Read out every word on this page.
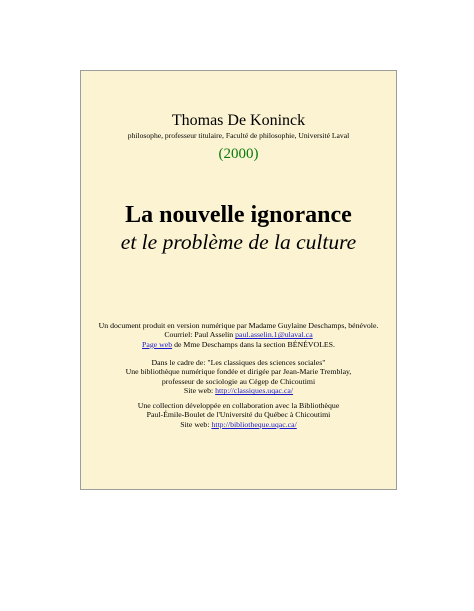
Thomas De Koninck
philosophe, professeur titulaire, Faculté de philosophie, Université Laval
(2000)
La nouvelle ignorance
et le problème de la culture
Un document produit en version numérique par Madame Guylaine Deschamps, bénévole.
Courriel: Paul Asselin paul.asselin.1@ulaval.ca
Page web de Mme Deschamps dans la section BÉNÉVOLES.
Dans le cadre de: "Les classiques des sciences sociales"
Une bibliothèque numérique fondée et dirigée par Jean-Marie Tremblay,
professeur de sociologie au Cégep de Chicoutimi
Site web: http://classiques.uqac.ca/
Une collection développée en collaboration avec la Bibliothèque
Paul-Émile-Boulet de l'Université du Québec à Chicoutimi
Site web: http://bibliotheque.uqac.ca/
